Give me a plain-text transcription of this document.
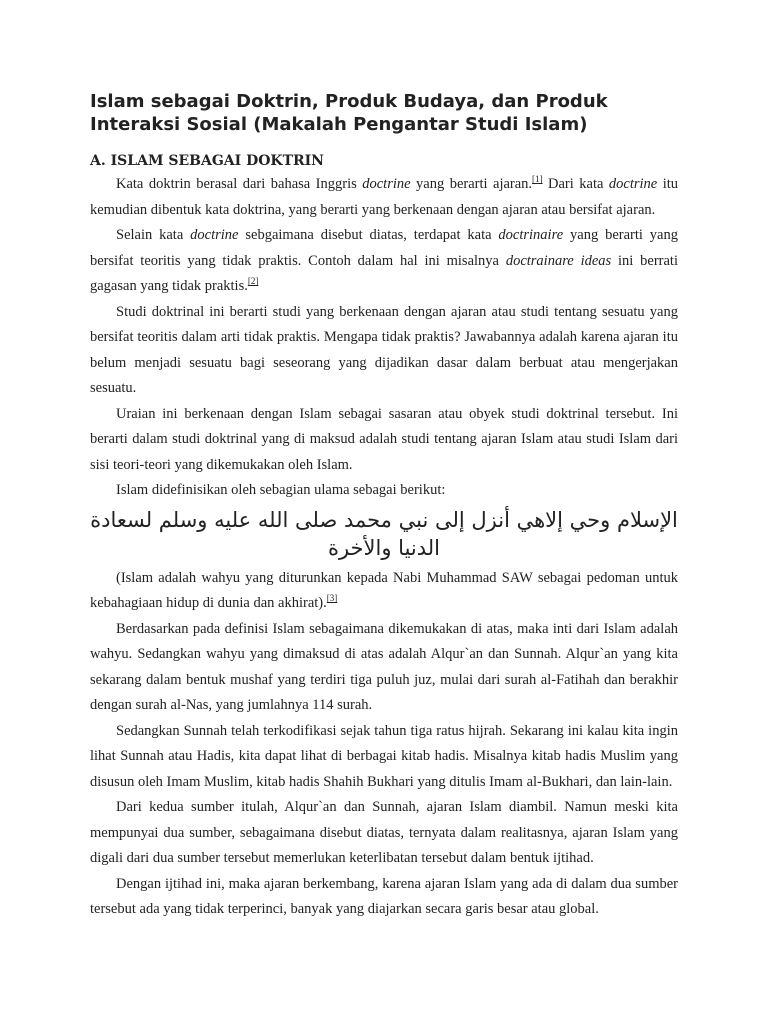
Islam sebagai Doktrin, Produk Budaya, dan Produk Interaksi Sosial (Makalah Pengantar Studi Islam)
A. ISLAM SEBAGAI DOKTRIN

Kata doktrin berasal dari bahasa Inggris doctrine yang berarti ajaran.[1] Dari kata doctrine itu kemudian dibentuk kata doktrina, yang berarti yang berkenaan dengan ajaran atau bersifat ajaran.

Selain kata doctrine sebgaimana disebut diatas, terdapat kata doctrinaire yang berarti yang bersifat teoritis yang tidak praktis. Contoh dalam hal ini misalnya doctrainare ideas ini berrati gagasan yang tidak praktis.[2]

Studi doktrinal ini berarti studi yang berkenaan dengan ajaran atau studi tentang sesuatu yang bersifat teoritis dalam arti tidak praktis. Mengapa tidak praktis? Jawabannya adalah karena ajaran itu belum menjadi sesuatu bagi seseorang yang dijadikan dasar dalam berbuat atau mengerjakan sesuatu.

Uraian ini berkenaan dengan Islam sebagai sasaran atau obyek studi doktrinal tersebut. Ini berarti dalam studi doktrinal yang di maksud adalah studi tentang ajaran Islam atau studi Islam dari sisi teori-teori yang dikemukakan oleh Islam.

Islam didefinisikan oleh sebagian ulama sebagai berikut:

الإسلام وحي إلاهي أنزل إلى نبي محمد صلى الله عليه وسلم لسعادة الدنيا والأخرة

(Islam adalah wahyu yang diturunkan kepada Nabi Muhammad SAW sebagai pedoman untuk kebahagiaan hidup di dunia dan akhirat).[3]

Berdasarkan pada definisi Islam sebagaimana dikemukakan di atas, maka inti dari Islam adalah wahyu. Sedangkan wahyu yang dimaksud di atas adalah Alqur`an dan Sunnah. Alqur`an yang kita sekarang dalam bentuk mushaf yang terdiri tiga puluh juz, mulai dari surah al-Fatihah dan berakhir dengan surah al-Nas, yang jumlahnya 114 surah.

Sedangkan Sunnah telah terkodifikasi sejak tahun tiga ratus hijrah. Sekarang ini kalau kita ingin lihat Sunnah atau Hadis, kita dapat lihat di berbagai kitab hadis. Misalnya kitab hadis Muslim yang disusun oleh Imam Muslim, kitab hadis Shahih Bukhari yang ditulis Imam al-Bukhari, dan lain-lain.

Dari kedua sumber itulah, Alqur`an dan Sunnah, ajaran Islam diambil. Namun meski kita mempunyai dua sumber, sebagaimana disebut diatas, ternyata dalam realitasnya, ajaran Islam yang digali dari dua sumber tersebut memerlukan keterlibatan tersebut dalam bentuk ijtihad.

Dengan ijtihad ini, maka ajaran berkembang, karena ajaran Islam yang ada di dalam dua sumber tersebut ada yang tidak terperinci, banyak yang diajarkan secara garis besar atau global.
